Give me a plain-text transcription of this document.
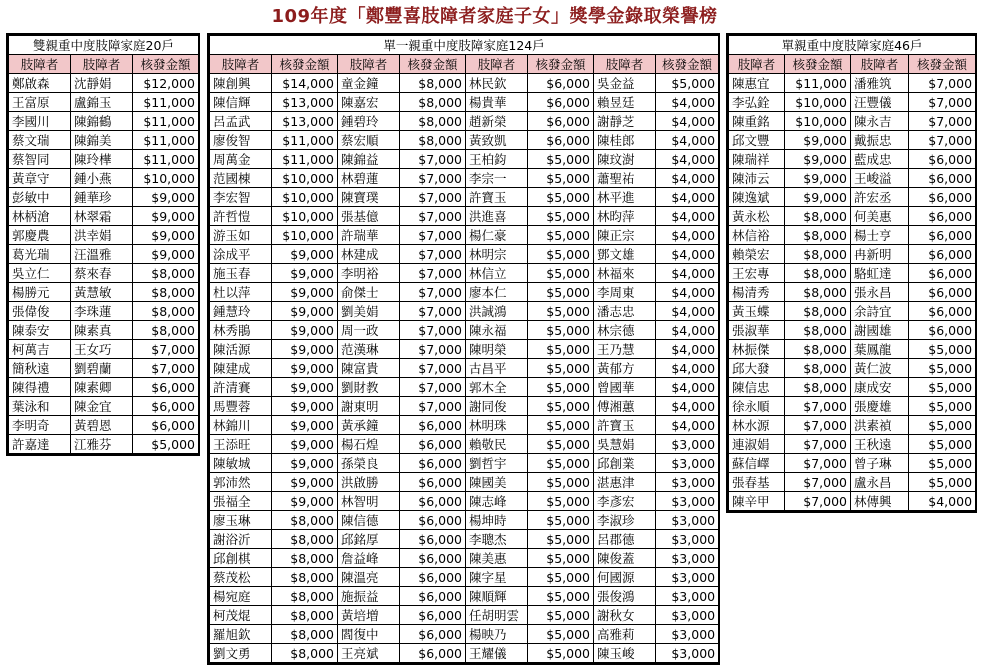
109年度「鄭豐喜肢障者家庭子女」獎學金錄取榮譽榜
雙親重中度肢障家庭20戶		
肢障者	肢障者	核發金額
鄭啟森	沈靜娟	$12,000
王富原	盧錦玉	$11,000
李國川	陳錦鶴	$11,000
蔡文瑞	陳錦美	$11,000
蔡智同	陳玲樺	$11,000
黃章守	鍾小燕	$10,000
彭敏中	鍾華珍	$9,000
林柄滄	林翠霜	$9,000
郭慶農	洪幸娟	$9,000
葛光瑞	汪溫雅	$9,000
吳立仁	蔡來春	$8,000
楊勝元	黃慧敏	$8,000
張偉俊	李珠蓮	$8,000
陳泰安	陳素真	$8,000
柯萬吉	王女巧	$7,000
簡秋遠	劉碧蘭	$7,000
陳得禮	陳素卿	$6,000
葉泳和	陳金宜	$6,000
李明奇	黃碧恩	$6,000
許嘉達	江雅芬	$5,000
單一親重中度肢障家庭124戶							
肢障者	核發金額	肢障者	核發金額	肢障者	核發金額	肢障者	核發金額
陳創興	$14,000	童金鐘	$8,000	林民欽	$6,000	吳金益	$5,000
陳信輝	$13,000	陳嘉宏	$8,000	楊貴華	$6,000	賴昱廷	$4,000
呂孟武	$13,000	鍾碧玲	$8,000	趙新榮	$6,000	謝靜芝	$4,000
廖俊智	$11,000	蔡宏順	$8,000	黃致凱	$6,000	陳桂郎	$4,000
周萬金	$11,000	陳錦益	$7,000	王柏鈞	$5,000	陳玟澍	$4,000
范國棟	$10,000	林碧蓮	$7,000	李宗一	$5,000	蕭聖祐	$4,000
李宏智	$10,000	陳寶璞	$7,000	許寶玉	$5,000	林平進	$4,000
許哲愷	$10,000	張基億	$7,000	洪進喜	$5,000	林昀萍	$4,000
游玉如	$10,000	許瑞華	$7,000	楊仁豪	$5,000	陳正宗	$4,000
涂成平	$9,000	林建成	$7,000	林明宗	$5,000	鄧文雄	$4,000
施玉春	$9,000	李明裕	$7,000	林信立	$5,000	林福來	$4,000
杜以萍	$9,000	俞傑士	$7,000	廖本仁	$5,000	李周東	$4,000
鍾慧玲	$9,000	劉美娟	$7,000	洪誠鴻	$5,000	潘志忠	$4,000
林秀鵑	$9,000	周一政	$7,000	陳永福	$5,000	林宗德	$4,000
陳活源	$9,000	范漢琳	$7,000	陳明榮	$5,000	王乃慧	$4,000
陳建成	$9,000	陳富貴	$7,000	古昌平	$5,000	黃郁方	$4,000
許清賽	$9,000	劉財教	$7,000	郭木全	$5,000	曾國華	$4,000
馬豐蓉	$9,000	謝東明	$7,000	謝同俊	$5,000	傅湘蕙	$4,000
林錦川	$9,000	黃承鐘	$6,000	林明珠	$5,000	許寶玉	$4,000
王添旺	$9,000	楊石煌	$6,000	賴敬民	$5,000	吳慧娟	$3,000
陳敏城	$9,000	孫榮良	$6,000	劉哲宇	$5,000	邱創業	$3,000
郭沛然	$9,000	洪啟勝	$6,000	陳國美	$5,000	湛惠津	$3,000
張福全	$9,000	林智明	$6,000	陳志峰	$5,000	李彥宏	$3,000
廖玉琳	$8,000	陳信德	$6,000	楊坤時	$5,000	李淑珍	$3,000
謝浴沂	$8,000	邱銘厚	$6,000	李聰杰	$5,000	呂郡德	$3,000
邱創棋	$8,000	詹益峰	$6,000	陳美惠	$5,000	陳俊蓋	$3,000
蔡茂松	$8,000	陳溫亮	$6,000	陳字星	$5,000	何國源	$3,000
楊宛庭	$8,000	施振益	$6,000	陳順輝	$5,000	張俊鴻	$3,000
柯茂焜	$8,000	黃培増	$6,000	任胡明雲	$5,000	謝秋女	$3,000
羅旭欽	$8,000	閻復中	$6,000	楊映乃	$5,000	高雅莉	$3,000
劉文勇	$8,000	王亮斌	$6,000	王耀儀	$5,000	陳玉峻	$3,000
單親重中度肢障家庭46戶			
肢障者	核發金額	肢障者	核發金額
陳惠宜	$11,000	潘雅筑	$7,000
李弘銓	$10,000	汪豐儀	$7,000
陳重銘	$10,000	陳永吉	$7,000
邱文豐	$9,000	戴振忠	$7,000
陳瑞祥	$9,000	藍成忠	$6,000
陳沛云	$9,000	王峻溢	$6,000
陳逸斌	$9,000	許宏丞	$6,000
黃永松	$8,000	何美惠	$6,000
林信裕	$8,000	楊士亨	$6,000
賴榮宏	$8,000	冉新明	$6,000
王宏專	$8,000	駱虹達	$6,000
楊清秀	$8,000	張永昌	$6,000
黃玉蝶	$8,000	余詩宜	$6,000
張淑華	$8,000	謝國雄	$6,000
林振傑	$8,000	葉鳳龍	$5,000
邱大發	$8,000	黃仁波	$5,000
陳信忠	$8,000	康成安	$5,000
徐永順	$7,000	張慶雄	$5,000
林水源	$7,000	洪素禎	$5,000
連淑娟	$7,000	王秋遠	$5,000
蘇信嶧	$7,000	曾子琳	$5,000
張春基	$7,000	盧永昌	$5,000
陳辛甲	$7,000	林傳興	$4,000
